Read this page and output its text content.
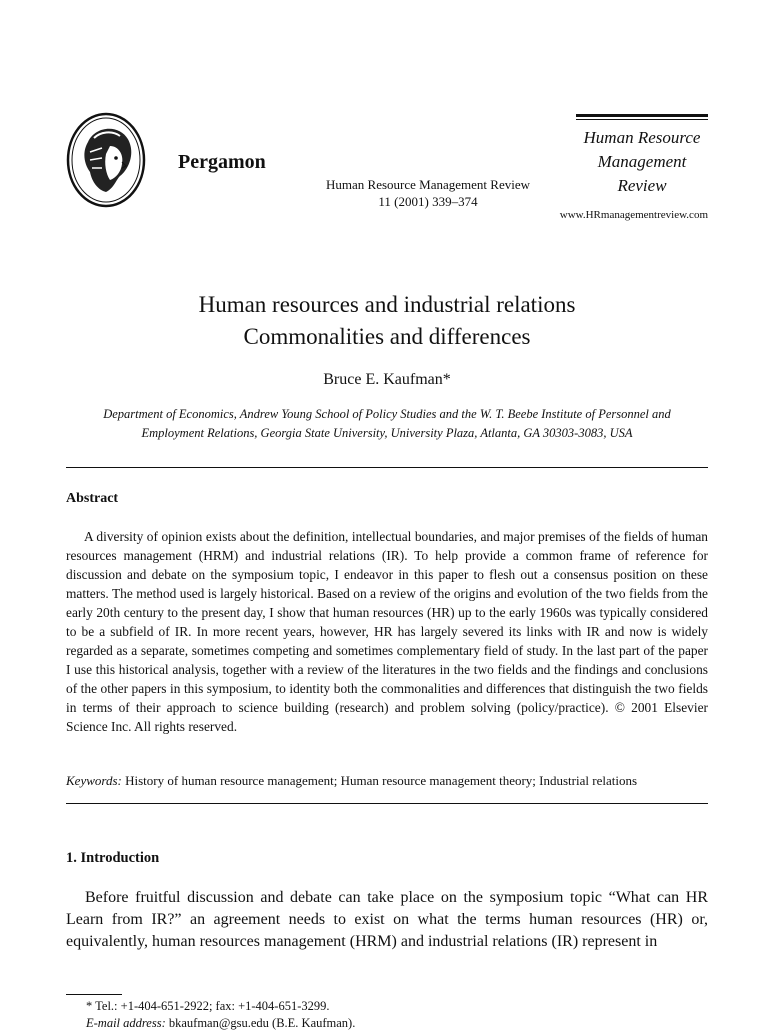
Pergamon
Human Resource Management Review
11 (2001) 339–374
Human Resource
Management
Review
www.HRmanagementreview.com
Human resources and industrial relations
Commonalities and differences
Bruce E. Kaufman*
Department of Economics, Andrew Young School of Policy Studies and the W. T. Beebe Institute of Personnel and
Employment Relations, Georgia State University, University Plaza, Atlanta, GA 30303-3083, USA
Abstract
A diversity of opinion exists about the definition, intellectual boundaries, and major premises of the fields of human resources management (HRM) and industrial relations (IR). To help provide a common frame of reference for discussion and debate on the symposium topic, I endeavor in this paper to flesh out a consensus position on these matters. The method used is largely historical. Based on a review of the origins and evolution of the two fields from the early 20th century to the present day, I show that human resources (HR) up to the early 1960s was typically considered to be a subfield of IR. In more recent years, however, HR has largely severed its links with IR and now is widely regarded as a separate, sometimes competing and sometimes complementary field of study. In the last part of the paper I use this historical analysis, together with a review of the literatures in the two fields and the findings and conclusions of the other papers in this symposium, to identity both the commonalities and differences that distinguish the two fields in terms of their approach to science building (research) and problem solving (policy/practice). © 2001 Elsevier Science Inc. All rights reserved.
Keywords: History of human resource management; Human resource management theory; Industrial relations
1. Introduction
Before fruitful discussion and debate can take place on the symposium topic “What can HR Learn from IR?” an agreement needs to exist on what the terms human resources (HR) or, equivalently, human resources management (HRM) and industrial relations (IR) represent in
* Tel.: +1-404-651-2922; fax: +1-404-651-3299.
E-mail address: bkaufman@gsu.edu (B.E. Kaufman).
